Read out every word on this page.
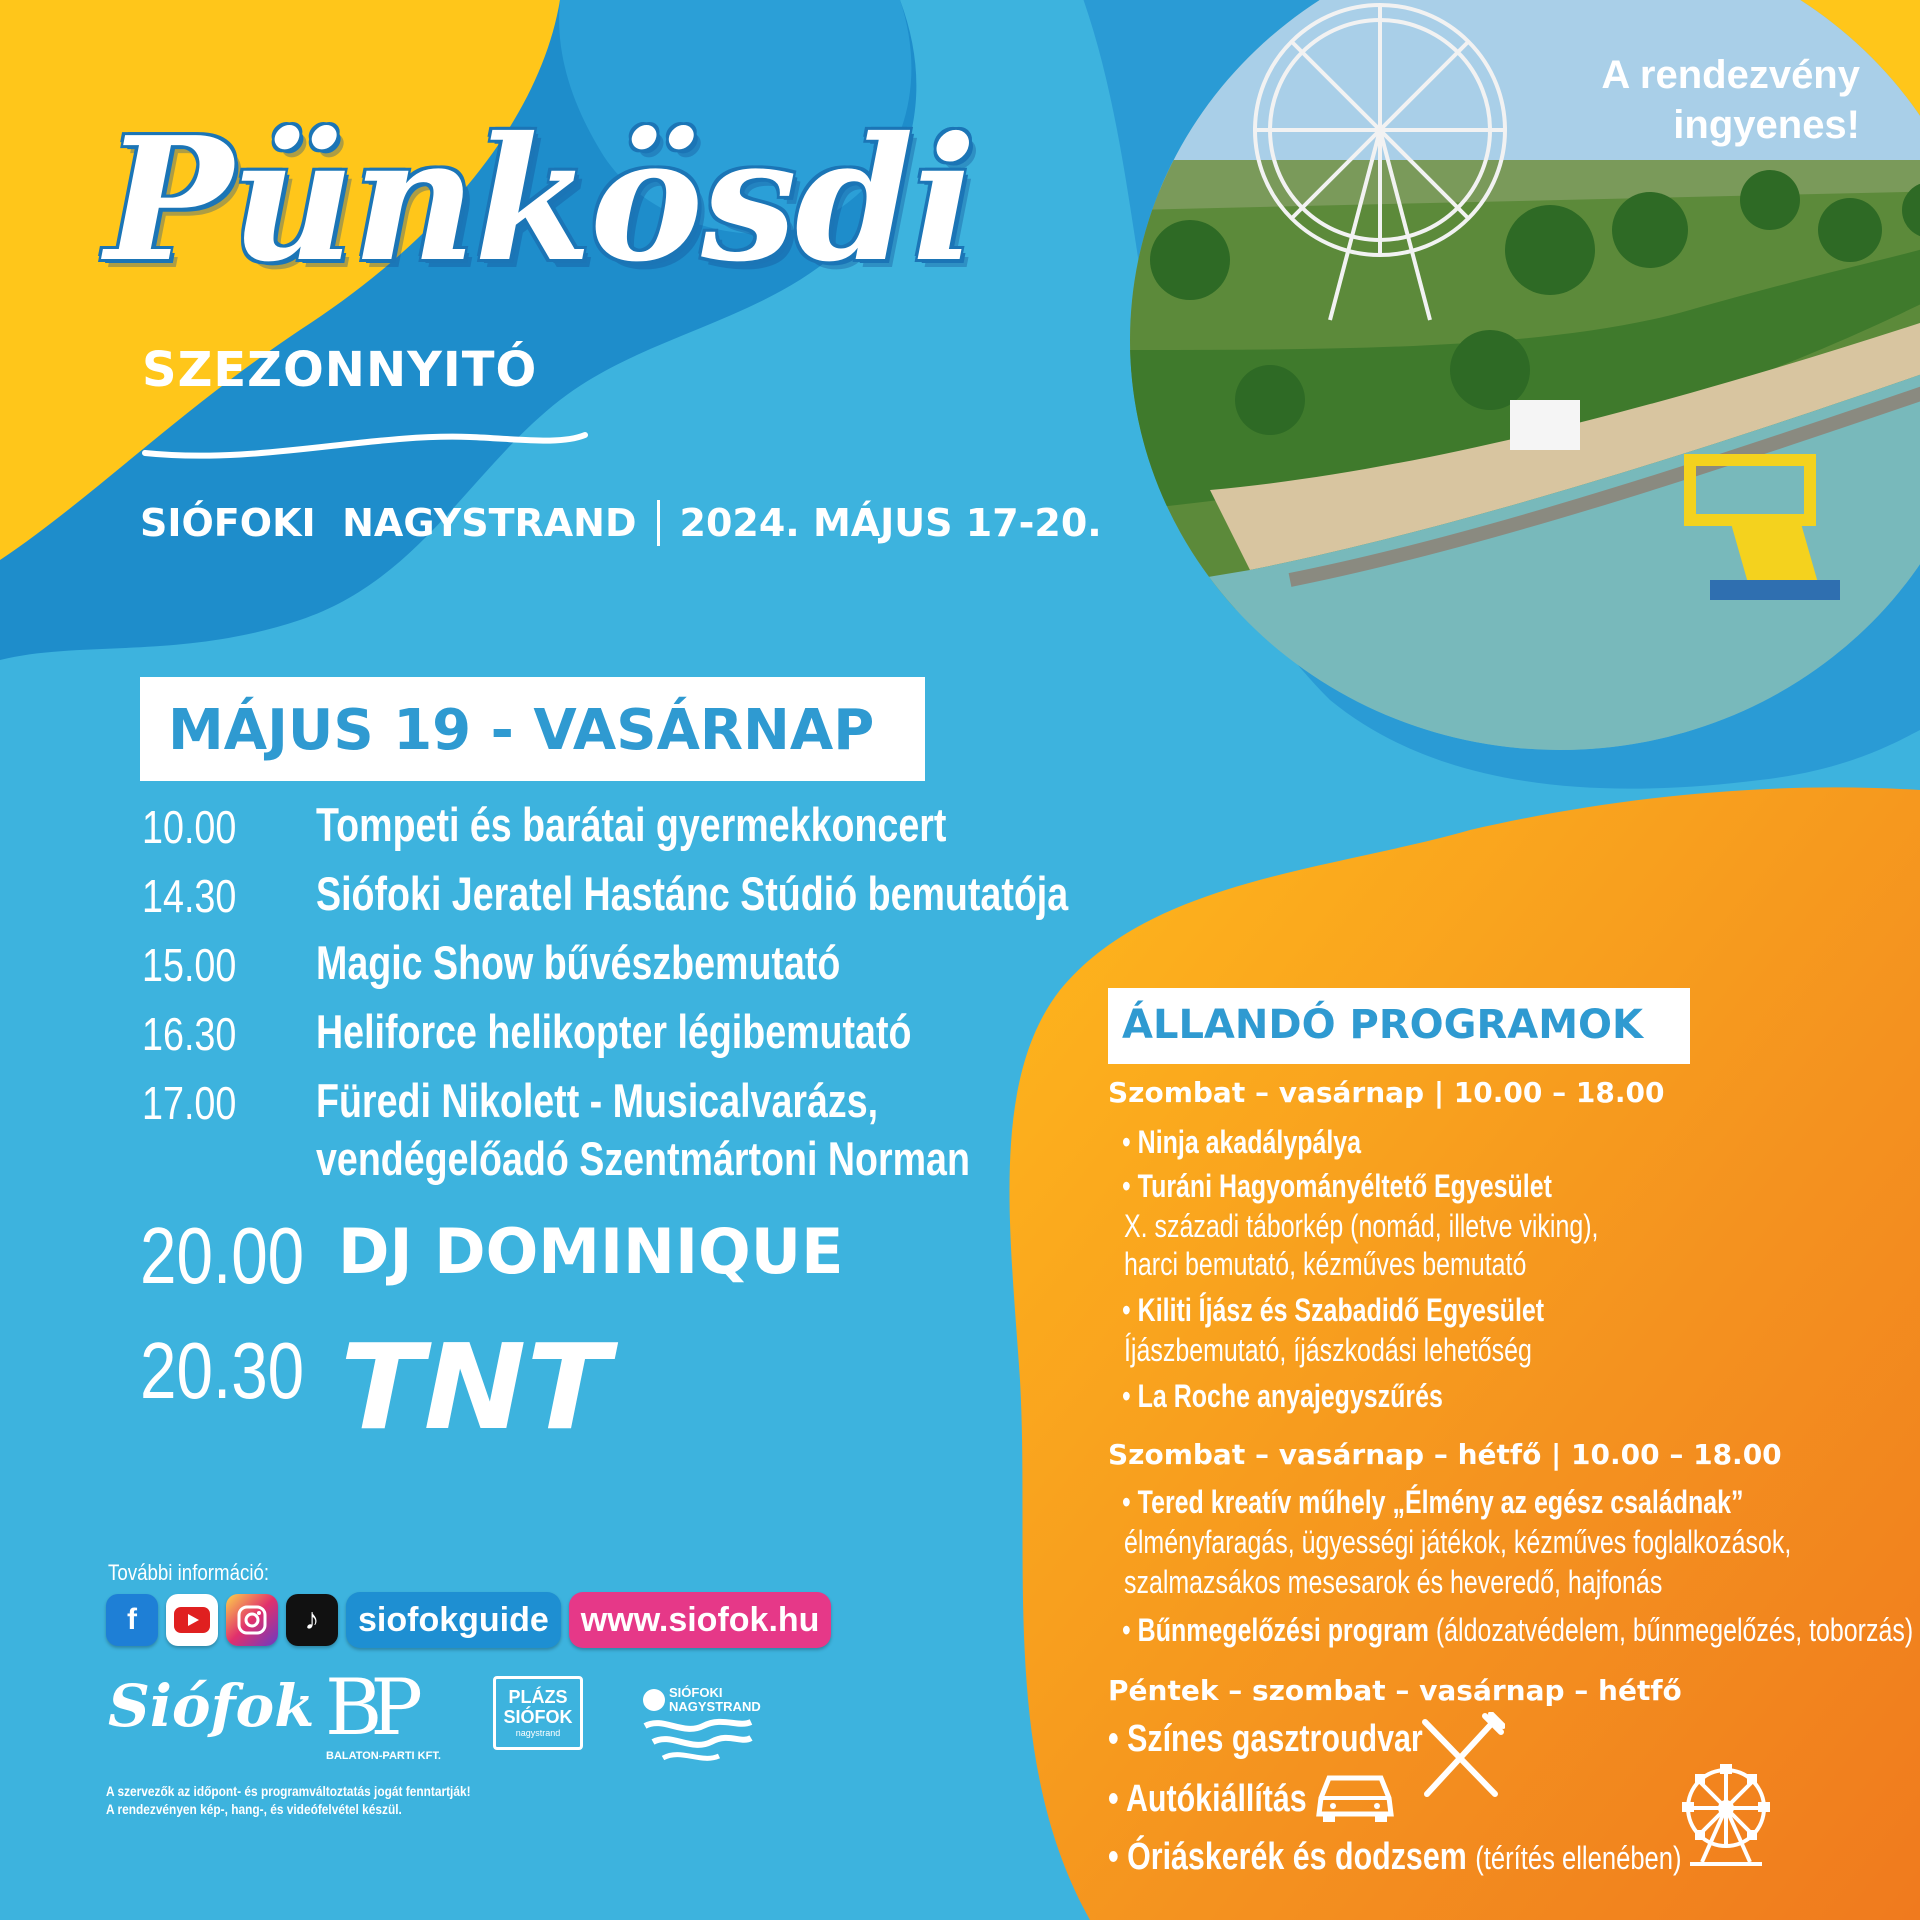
A rendezvény
ingyenes!
Pünkösdi
SZEZONNYITÓ
SIÓFOKI  NAGYSTRAND 2024. MÁJUS 17-20.
MÁJUS 19 - VASÁRNAP
10.00 Tompeti és barátai gyermekkoncert
14.30 Siófoki Jeratel Hastánc Stúdió bemutatója
15.00 Magic Show bűvészbemutató
16.30 Heliforce helikopter légibemutató
17.00 Füredi Nikolett - Musicalvarázs,
vendégelőadó Szentmártoni Norman
20.00 DJ DOMINIQUE
20.30 TNT
További információ:
f	♪	siofokguide www.siofok.hu
Siófok BP
BALATON-PARTI KFT.
PLÁZS
SIÓFOK
nagystrand
SIÓFOKI
NAGYSTRAND
A szervezők az időpont- és programváltoztatás jogát fenntartják!
A rendezvényen kép-, hang-, és videófelvétel készül.
ÁLLANDÓ PROGRAMOK
Szombat – vasárnap | 10.00 – 18.00
• Ninja akadálypálya
• Turáni Hagyományéltető Egyesület
X. századi táborkép (nomád, illetve viking),
harci bemutató, kézműves bemutató
• Kiliti Íjász és Szabadidő Egyesület
Íjászbemutató, íjászkodási lehetőség
• La Roche anyajegyszűrés
Szombat – vasárnap – hétfő | 10.00 – 18.00
• Tered kreatív műhely „Élmény az egész családnak”
élményfaragás, ügyességi játékok, kézműves foglalkozások,
szalmazsákos mesesarok és heveredő, hajfonás
• Bűnmegelőzési program (áldozatvédelem, bűnmegelőzés, toborzás)
Péntek – szombat – vasárnap – hétfő
• Színes gasztroudvar
• Autókiállítás
• Óriáskerék és dodzsem (térítés ellenében)
